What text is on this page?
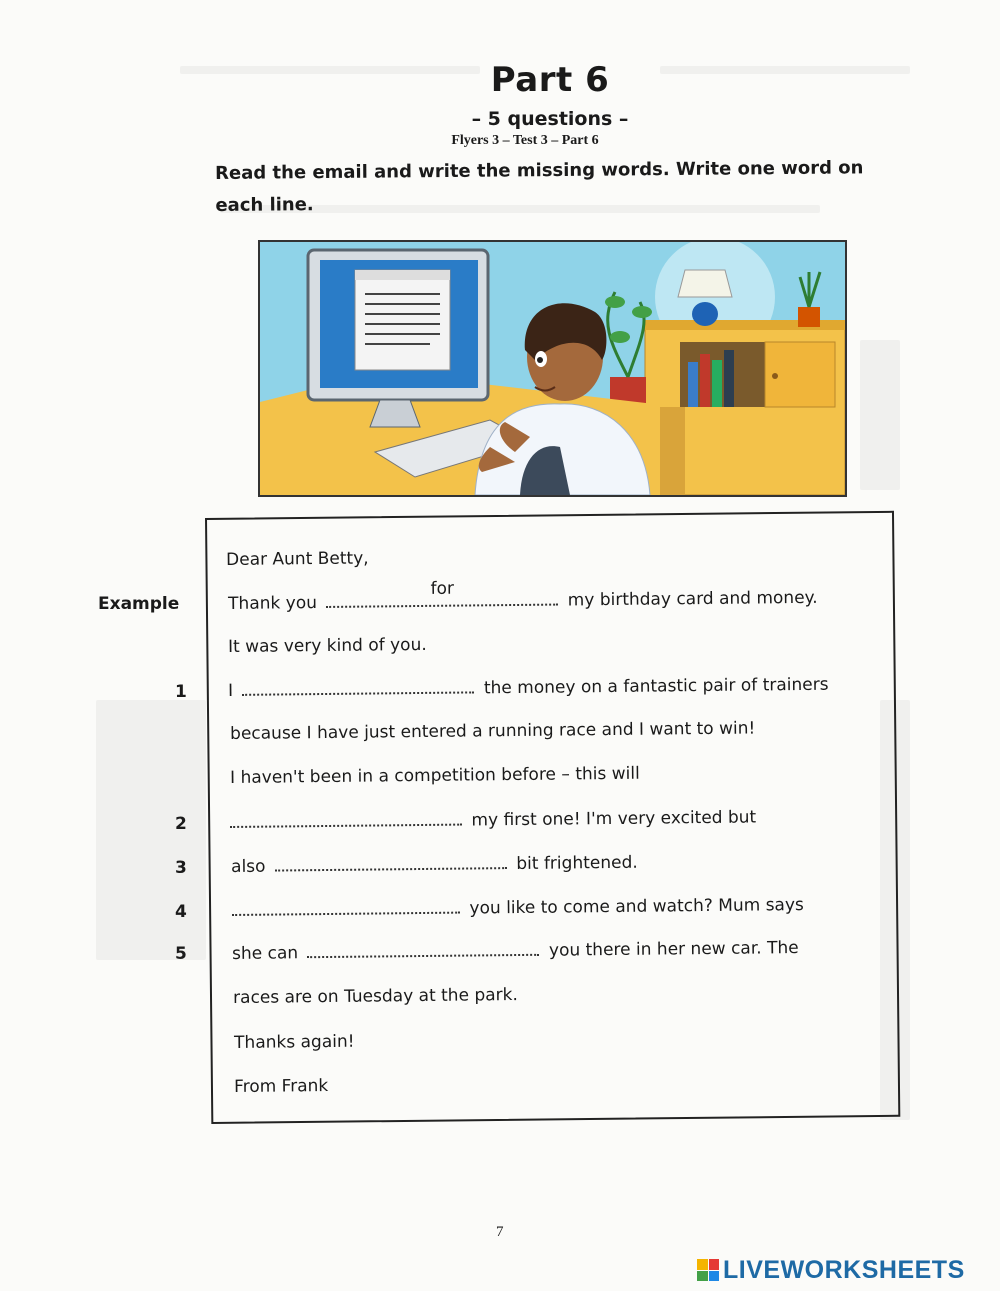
Part 6
– 5 questions –
Flyers 3 – Test 3 – Part 6
Read the email and write the missing words. Write one word on each line.
Example
1
2
3
4
5
Dear Aunt Betty,
Thank you
for	my birthday card and money.
It was very kind of you.
I	the money on a fantastic pair of trainers
because I have just entered a running race and I want to win!
I haven't been in a competition before – this will
my first one! I'm very excited but
also	bit frightened.
you like to come and watch? Mum says
she can	you there in her new car. The
races are on Tuesday at the park.
Thanks again!
From Frank
7
LIVEWORKSHEETS
